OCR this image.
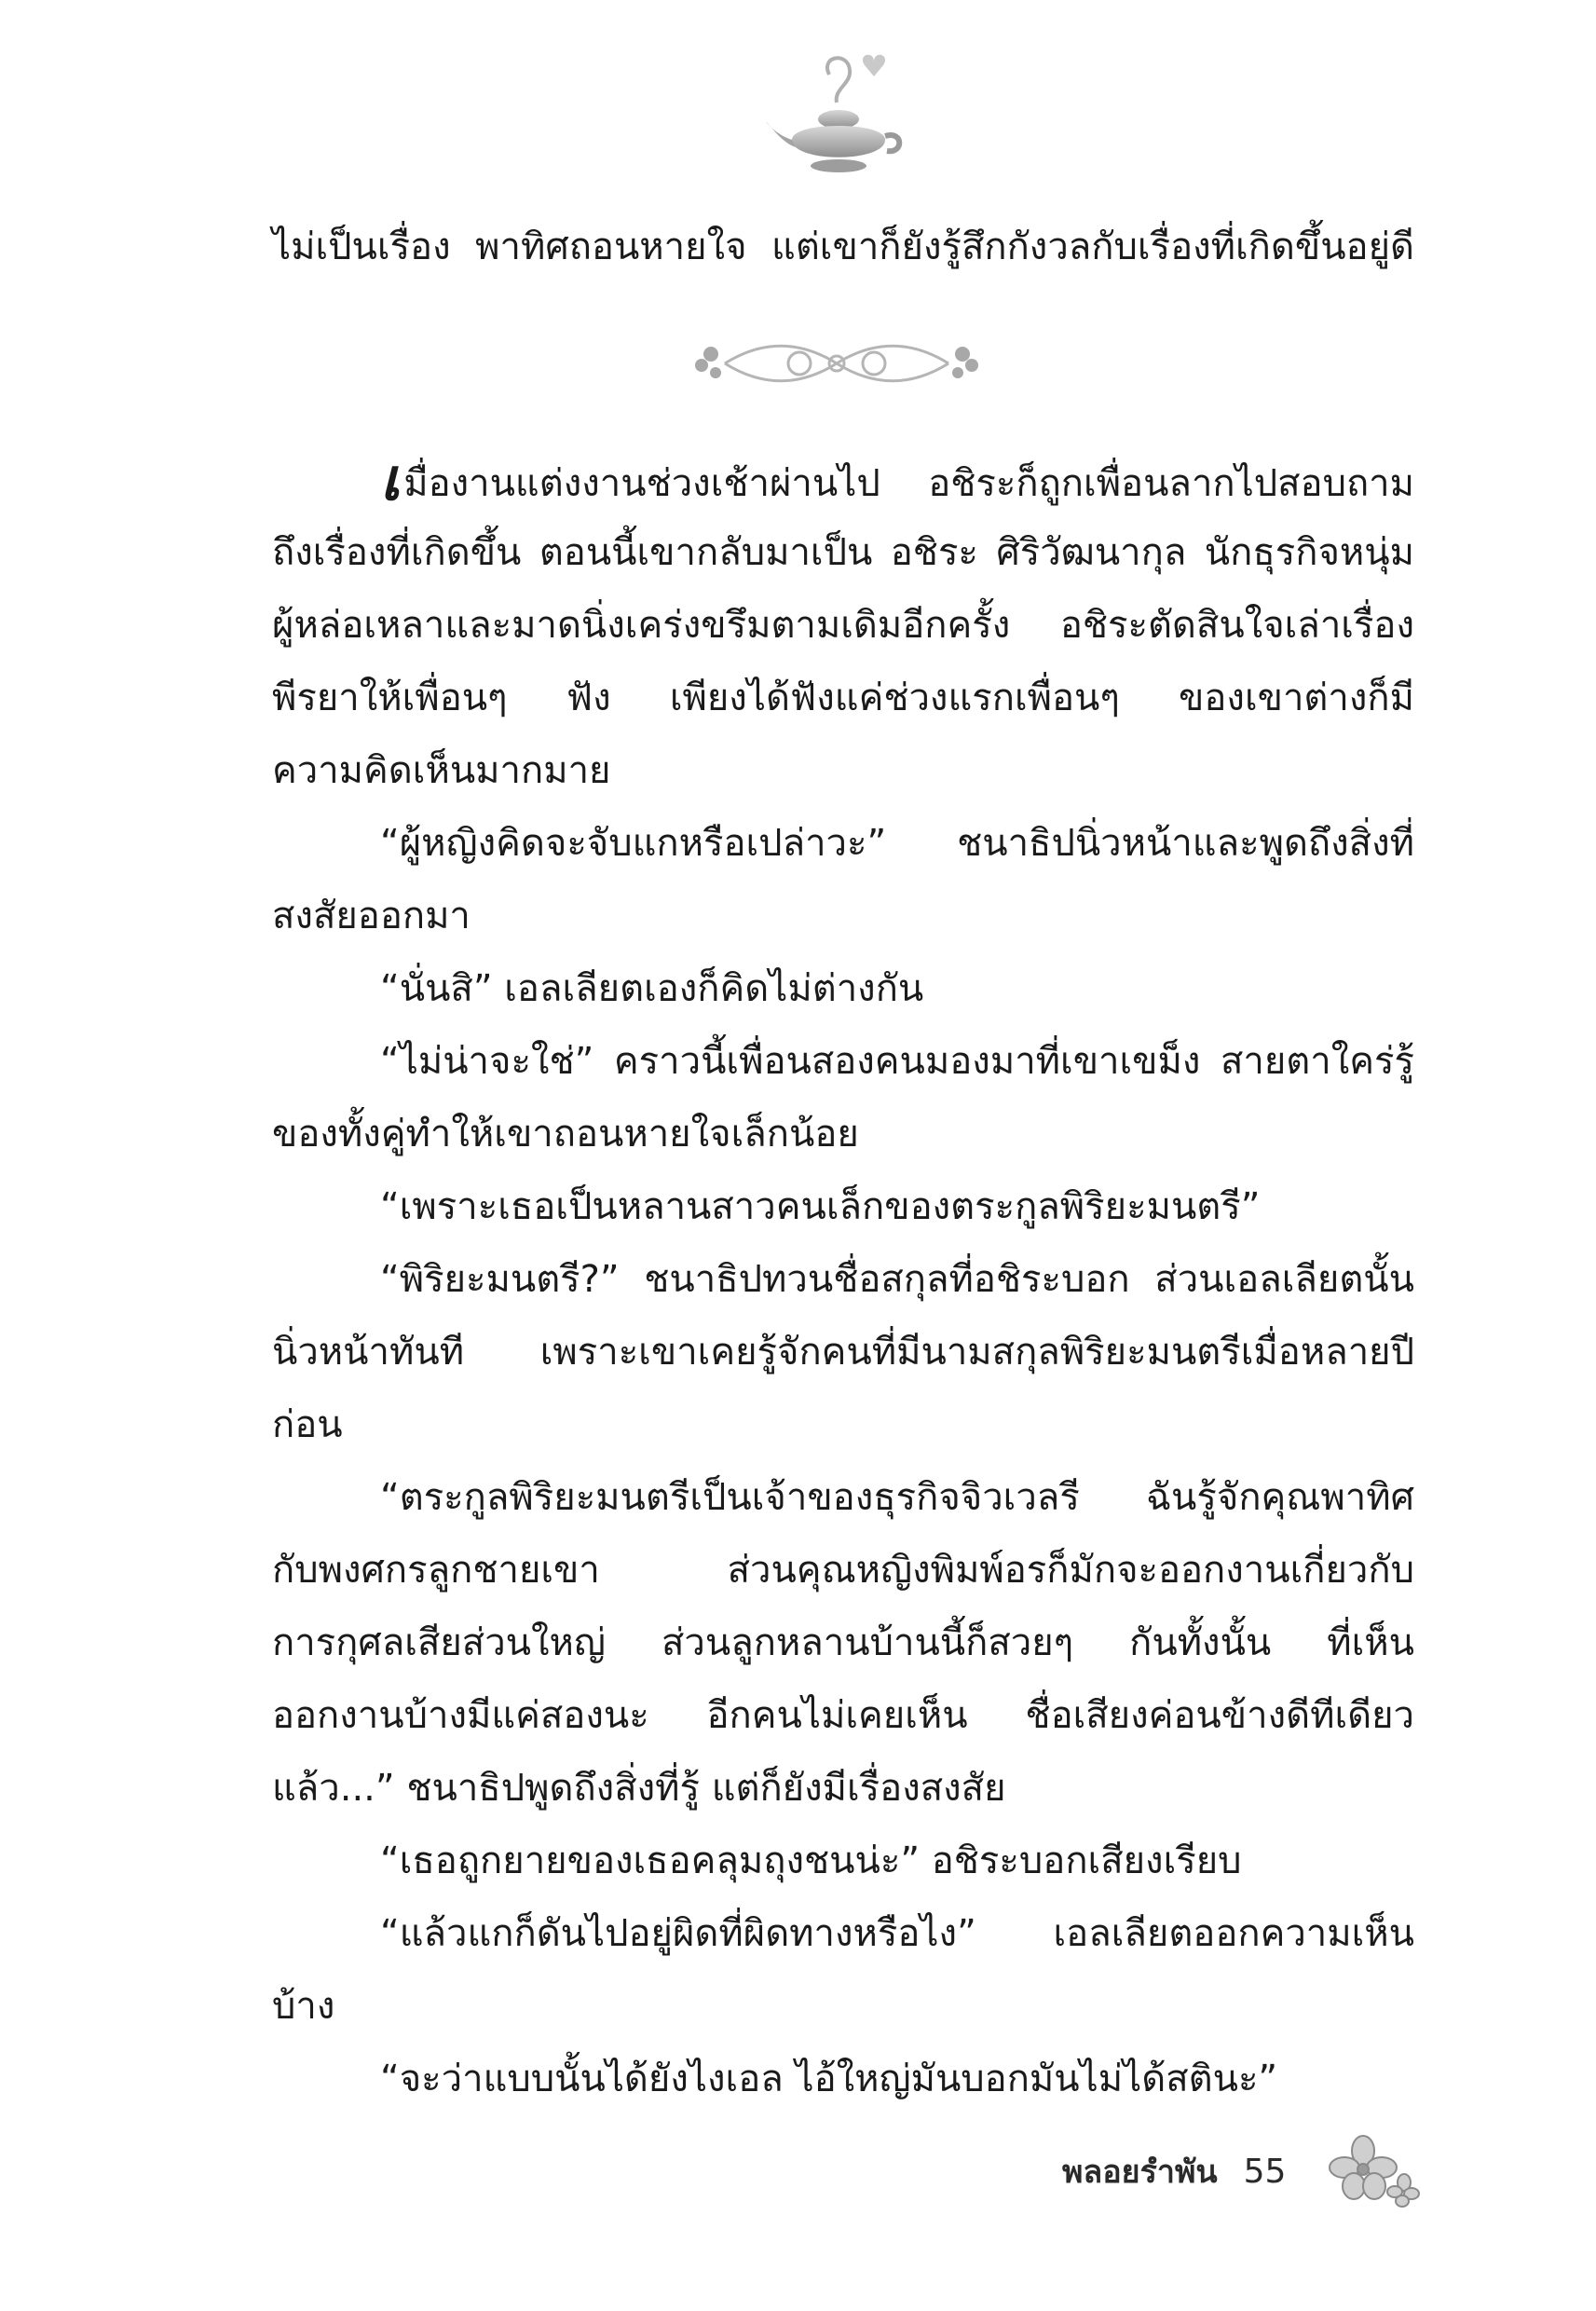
ไม่เป็นเรื่อง พาทิศถอนหายใจ แต่เขาก็ยังรู้สึกกังวลกับเรื่องที่เกิดขึ้นอยู่ดี
เมื่องานแต่งงานช่วงเช้าผ่านไป อชิระก็ถูกเพื่อนลากไปสอบถาม
ถึงเรื่องที่เกิดขึ้น ตอนนี้เขากลับมาเป็น อชิระ ศิริวัฒนากุล นักธุรกิจหนุ่ม
ผู้หล่อเหลาและมาดนิ่งเคร่งขรึมตามเดิมอีกครั้ง อชิระตัดสินใจเล่าเรื่อง
พีรยาให้เพื่อนๆ ฟัง เพียงได้ฟังแค่ช่วงแรกเพื่อนๆ ของเขาต่างก็มี
ความคิดเห็นมากมาย
“ผู้หญิงคิดจะจับแกหรือเปล่าวะ” ชนาธิปนิ่วหน้าและพูดถึงสิ่งที่
สงสัยออกมา
“นั่นสิ” เอลเลียตเองก็คิดไม่ต่างกัน
“ไม่น่าจะใช่” คราวนี้เพื่อนสองคนมองมาที่เขาเขม็ง สายตาใคร่รู้
ของทั้งคู่ทำให้เขาถอนหายใจเล็กน้อย
“เพราะเธอเป็นหลานสาวคนเล็กของตระกูลพิริยะมนตรี”
“พิริยะมนตรี?” ชนาธิปทวนชื่อสกุลที่อชิระบอก ส่วนเอลเลียตนั้น
นิ่วหน้าทันที เพราะเขาเคยรู้จักคนที่มีนามสกุลพิริยะมนตรีเมื่อหลายปี
ก่อน
“ตระกูลพิริยะมนตรีเป็นเจ้าของธุรกิจจิวเวลรี ฉันรู้จักคุณพาทิศ
กับพงศกรลูกชายเขา ส่วนคุณหญิงพิมพ์อรก็มักจะออกงานเกี่ยวกับ
การกุศลเสียส่วนใหญ่ ส่วนลูกหลานบ้านนี้ก็สวยๆ กันทั้งนั้น ที่เห็น
ออกงานบ้างมีแค่สองนะ อีกคนไม่เคยเห็น ชื่อเสียงค่อนข้างดีทีเดียว
แล้ว...” ชนาธิปพูดถึงสิ่งที่รู้ แต่ก็ยังมีเรื่องสงสัย
“เธอถูกยายของเธอคลุมถุงชนน่ะ” อชิระบอกเสียงเรียบ
“แล้วแกก็ดันไปอยู่ผิดที่ผิดทางหรือไง” เอลเลียตออกความเห็น
บ้าง
“จะว่าแบบนั้นได้ยังไงเอล ไอ้ใหญ่มันบอกมันไม่ได้สตินะ”
พลอยรำพัน 55
